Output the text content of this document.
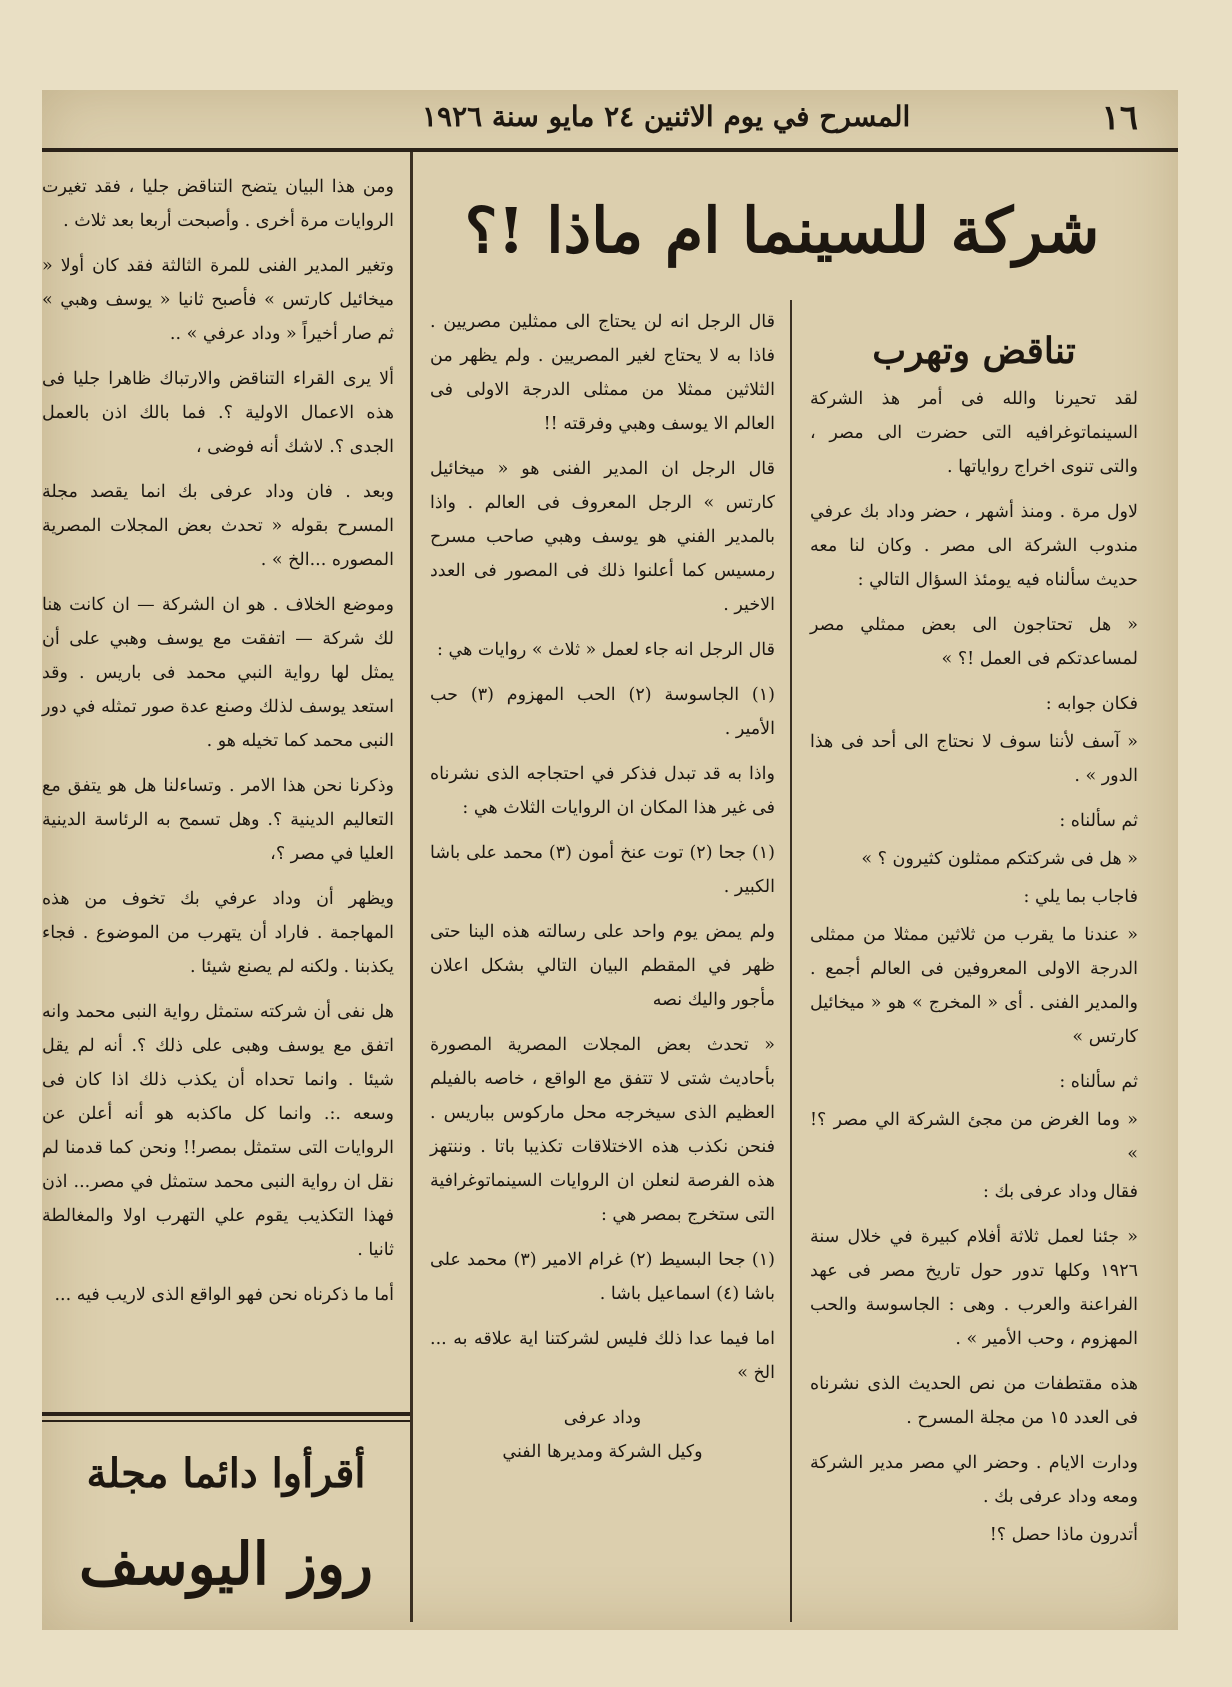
١٦
المسرح في يوم الاثنين ٢٤ مايو سنة ١٩٢٦
شركة للسينما ام ماذا !؟
تناقض وتهرب

لقد تحيرنا والله فى أمر هذ الشركة السينماتوغرافيه التى حضرت الى مصر ، والتى تنوى اخراج رواياتها .

لاول مرة . ومنذ أشهر ، حضر وداد بك عرفي مندوب الشركة الى مصر . وكان لنا معه حديث سألناه فيه يومئذ السؤال التالي :

« هل تحتاجون الى بعض ممثلي مصر لمساعدتكم فى العمل !؟ »

فكان جوابه :

« آسف لأننا سوف لا نحتاج الى أحد فى هذا الدور » .

ثم سألناه :

« هل فى شركتكم ممثلون كثيرون ؟ »

فاجاب بما يلي :

« عندنا ما يقرب من ثلاثين ممثلا من ممثلى الدرجة الاولى المعروفين فى العالم أجمع . والمدير الفنى . أى « المخرج » هو « ميخائيل كارتس »

ثم سألناه :

« وما الغرض من مجئ الشركة الي مصر ؟! »

فقال وداد عرفى بك :

« جئنا لعمل ثلاثة أفلام كبيرة في خلال سنة ١٩٢٦ وكلها تدور حول تاريخ مصر فى عهد الفراعنة والعرب . وهى : الجاسوسة والحب المهزوم ، وحب الأمير » .

هذه مقتطفات من نص الحديث الذى نشرناه فى العدد ١٥ من مجلة المسرح .

ودارت الايام . وحضر الي مصر مدير الشركة ومعه وداد عرفى بك .

أتدرون ماذا حصل ؟!

قال الرجل انه لن يحتاج الى ممثلين مصريين . فاذا به لا يحتاج لغير المصريين . ولم يظهر من الثلاثين ممثلا من ممثلى الدرجة الاولى فى العالم الا يوسف وهبي وفرقته !!

قال الرجل ان المدير الفنى هو « ميخائيل كارتس » الرجل المعروف فى العالم . واذا بالمدير الفني هو يوسف وهبي صاحب مسرح رمسيس كما أعلنوا ذلك فى المصور فى العدد الاخير .

قال الرجل انه جاء لعمل « ثلاث » روايات هي :

(١) الجاسوسة (٢) الحب المهزوم (٣) حب الأمير .

واذا به قد تبدل فذكر في احتجاجه الذى نشرناه فى غير هذا المكان ان الروايات الثلاث هي :

(١) جحا (٢) توت عنخ أمون (٣) محمد على باشا الكبير .

ولم يمض يوم واحد على رسالته هذه الينا حتى ظهر في المقطم البيان التالي بشكل اعلان مأجور واليك نصه

« تحدث بعض المجلات المصرية المصورة بأحاديث شتى لا تتفق مع الواقع ، خاصه بالفيلم العظيم الذى سيخرجه محل ماركوس بباريس . فنحن نكذب هذه الاختلاقات تكذيبا باتا . وننتهز هذه الفرصة لنعلن ان الروايات السينماتوغرافية التى ستخرج بمصر هي :

(١) جحا البسيط (٢) غرام الامير (٣) محمد على باشا (٤) اسماعيل باشا .

اما فيما عدا ذلك فليس لشركتنا اية علاقه به ... الخ »

وداد عرفى
وكيل الشركة ومديرها الفني

ومن هذا البيان يتضح التناقض جليا ، فقد تغيرت الروايات مرة أخرى . وأصبحت أربعا بعد ثلاث .

وتغير المدير الفنى للمرة الثالثة فقد كان أولا « ميخائيل كارتس » فأصبح ثانيا « يوسف وهبي » ثم صار أخيراً « وداد عرفي » ..

ألا يرى القراء التناقض والارتباك ظاهرا جليا فى هذه الاعمال الاولية ؟. فما بالك اذن بالعمل الجدى ؟. لاشك أنه فوضى ،

وبعد . فان وداد عرفى بك انما يقصد مجلة المسرح بقوله « تحدث بعض المجلات المصرية المصوره ...الخ » .

وموضع الخلاف . هو ان الشركة — ان كانت هنا لك شركة — اتفقت مع يوسف وهبي على أن يمثل لها رواية النبي محمد فى باريس . وقد استعد يوسف لذلك وصنع عدة صور تمثله في دور النبى محمد كما تخيله هو .

وذكرنا نحن هذا الامر . وتساءلنا هل هو يتفق مع التعاليم الدينية ؟. وهل تسمح به الرئاسة الدينية العليا في مصر ؟،

ويظهر أن وداد عرفي بك تخوف من هذه المهاجمة . فاراد أن يتهرب من الموضوع . فجاء يكذبنا . ولكنه لم يصنع شيئا .

هل نفى أن شركته ستمثل رواية النبى محمد وانه اتفق مع يوسف وهبى على ذلك ؟. أنه لم يقل شيئا . وانما تحداه أن يكذب ذلك اذا كان فى وسعه .:. وانما كل ماكذبه هو أنه أعلن عن الروايات التى ستمثل بمصر!! ونحن كما قدمنا لم نقل ان رواية النبى محمد ستمثل في مصر... اذن فهذا التكذيب يقوم علي التهرب اولا والمغالطة ثانيا .

أما ما ذكرناه نحن فهو الواقع الذى لاريب فيه ...

أقرأوا دائما مجلة
روز اليوسف
